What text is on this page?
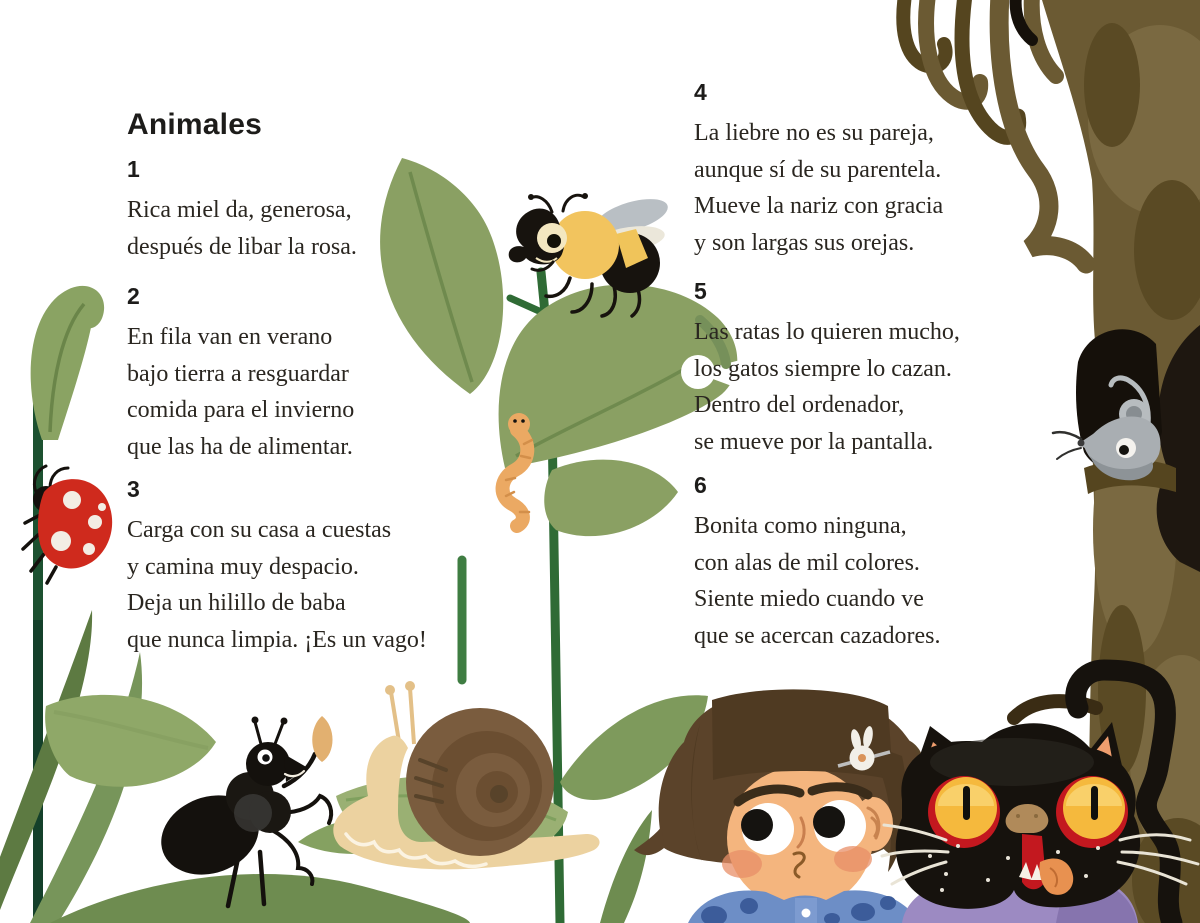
Animales
1
Rica miel da, generosa,
después de libar la rosa.
2
En fila van en verano
bajo tierra a resguardar
comida para el invierno
que las ha de alimentar.
3
Carga con su casa a cuestas
y camina muy despacio.
Deja un hilillo de baba
que nunca limpia. ¡Es un vago!
4
La liebre no es su pareja,
aunque sí de su parentela.
Mueve la nariz con gracia
y son largas sus orejas.
5
Las ratas lo quieren mucho,
los gatos siempre lo cazan.
Dentro del ordenador,
se mueve por la pantalla.
6
Bonita como ninguna,
con alas de mil colores.
Siente miedo cuando ve
que se acercan cazadores.
